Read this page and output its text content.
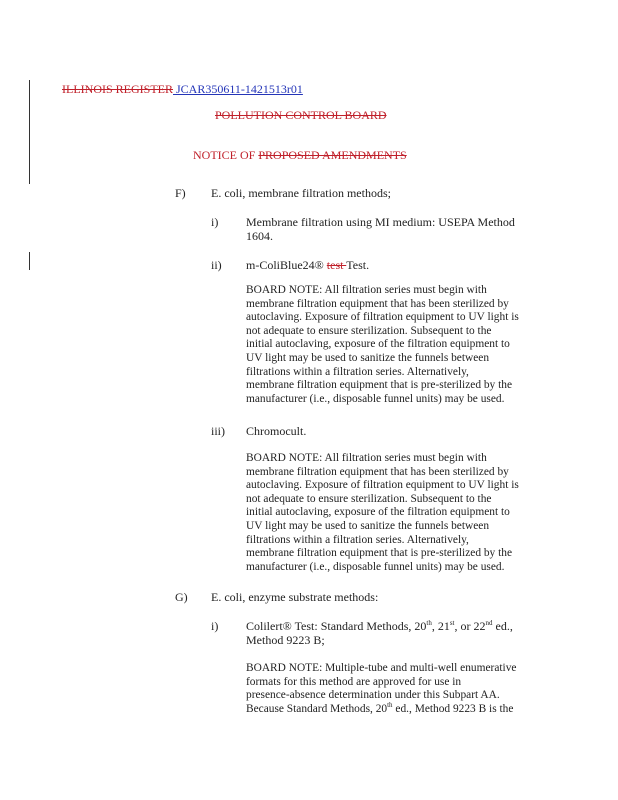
ILLINOIS REGISTER JCAR350611-1421513r01
POLLUTION CONTROL BOARD
NOTICE OF PROPOSED AMENDMENTS
F) E. coli, membrane filtration methods;
i) Membrane filtration using MI medium: USEPA Method
1604.
ii) m-ColiBlue24® test Test.
BOARD NOTE: All filtration series must begin with
membrane filtration equipment that has been sterilized by
autoclaving. Exposure of filtration equipment to UV light is
not adequate to ensure sterilization. Subsequent to the
initial autoclaving, exposure of the filtration equipment to
UV light may be used to sanitize the funnels between
filtrations within a filtration series. Alternatively,
membrane filtration equipment that is pre-sterilized by the
manufacturer (i.e., disposable funnel units) may be used.
iii) Chromocult.
BOARD NOTE: All filtration series must begin with
membrane filtration equipment that has been sterilized by
autoclaving. Exposure of filtration equipment to UV light is
not adequate to ensure sterilization. Subsequent to the
initial autoclaving, exposure of the filtration equipment to
UV light may be used to sanitize the funnels between
filtrations within a filtration series. Alternatively,
membrane filtration equipment that is pre-sterilized by the
manufacturer (i.e., disposable funnel units) may be used.
G) E. coli, enzyme substrate methods:
i) Colilert® Test: Standard Methods, 20th, 21st, or 22nd ed.,
Method 9223 B;
BOARD NOTE: Multiple-tube and multi-well enumerative
formats for this method are approved for use in
presence-absence determination under this Subpart AA.
Because Standard Methods, 20th ed., Method 9223 B is the
